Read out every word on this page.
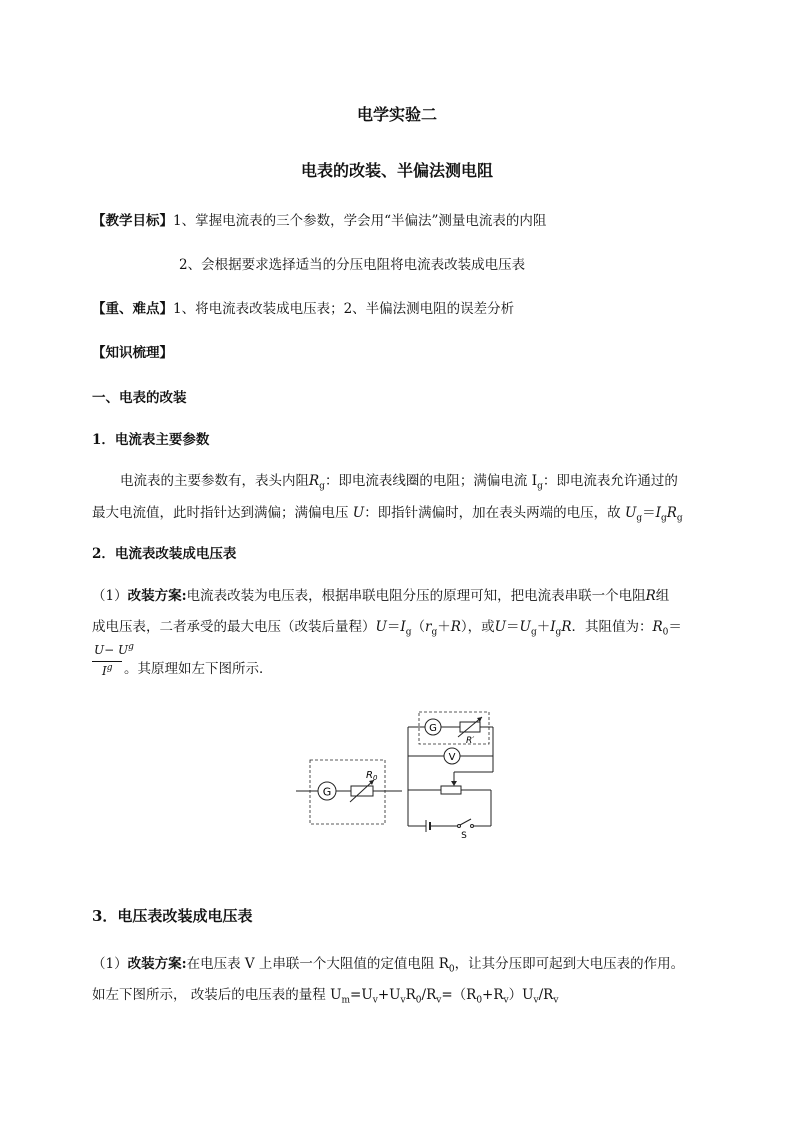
电学实验二
电表的改装、半偏法测电阻
【教学目标】1、掌握电流表的三个参数，学会用“半偏法”测量电流表的内阻
2、会根据要求选择适当的分压电阻将电流表改装成电压表
【重、难点】1、将电流表改装成电压表；2、半偏法测电阻的误差分析
【知识梳理】
一、电表的改装
1．电流表主要参数
电流表的主要参数有，表头内阻$R_g$：即电流表线圈的电阻；满偏电流 $I_g$：即电流表允许通过的
最大电流值，此时指针达到满偏；满偏电压 U：即指针满偏时，加在表头两端的电压，故 $U_g=I_gR_g$
2．电流表改装成电压表
（1）改装方案:电流表改装为电压表，根据串联电阻分压的原理可知，把电流表串联一个电阻R组
成电压表，二者承受的最大电压（改装后量程）$U=I_g(r_g+R)$，或$U=U_g+I_gR$．其阻值为：$R_0=$
$U- U^g$
$I^g$ 。其原理如左下图所示．
G
$R_0$
G
R′
V
S
3．电压表改装成电压表
（1）改装方案:在电压表 V 上串联一个大阻值的定值电阻 $R_0$，让其分压即可起到大电压表的作用。
如左下图所示， 改装后的电压表的量程 $U_m=U_v+U_vR_0/R_v=(R_0+R_v)U_v/R_v$
